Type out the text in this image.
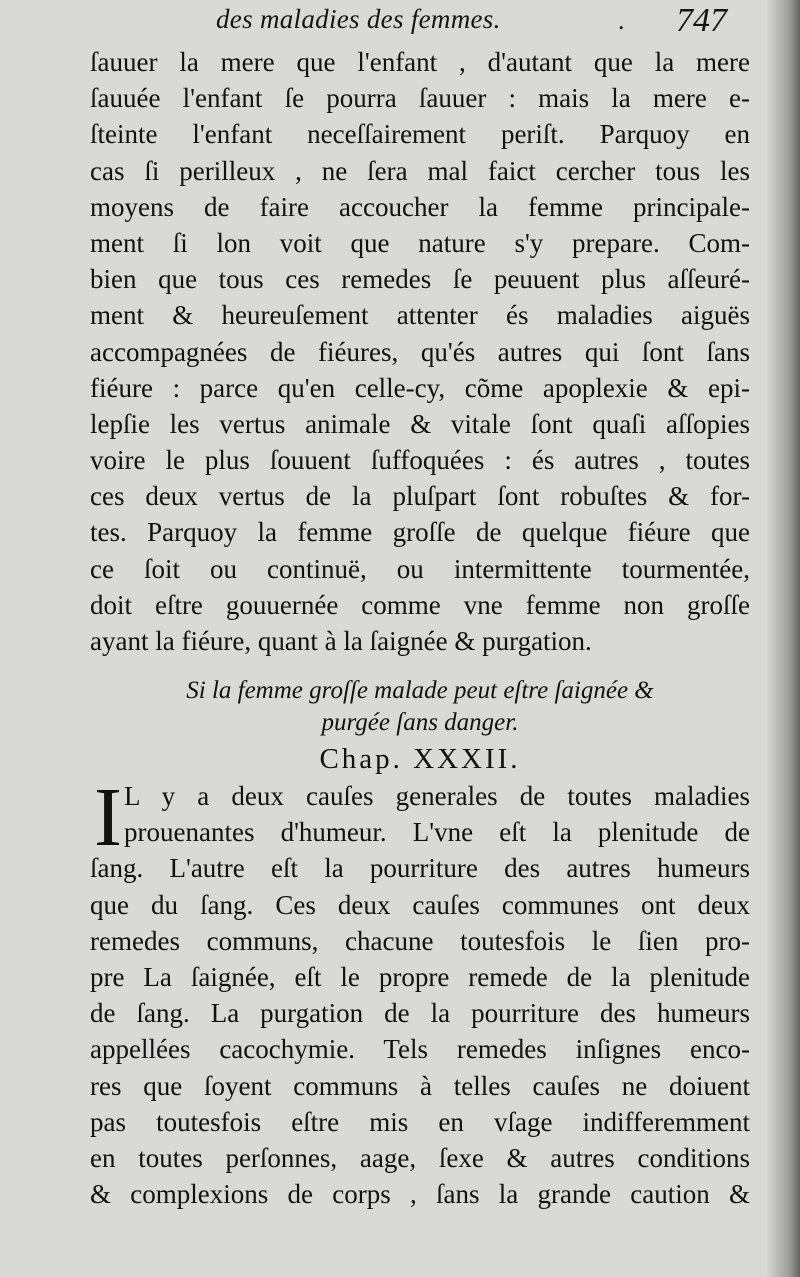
des maladies des femmes.	. 747
ſauuer la mere que l'enfant , d'autant que la mere
ſauuée l'enfant ſe pourra ſauuer : mais la mere e-
ſteinte l'enfant neceſſairement periſt. Parquoy en
cas ſi perilleux , ne ſera mal faict cercher tous les
moyens de faire accoucher la femme principale-
ment ſi lon voit que nature s'y prepare. Com-
bien que tous ces remedes ſe peuuent plus aſſeuré-
ment & heureuſement attenter és maladies aiguës
accompagnées de fiéures, qu'és autres qui ſont ſans
fiéure : parce qu'en celle-cy, cõme apoplexie & epi-
lepſie les vertus animale & vitale ſont quaſi aſſopies
voire le plus ſouuent ſuffoquées : és autres , toutes
ces deux vertus de la pluſpart ſont robuſtes & for-
tes. Parquoy la femme groſſe de quelque fiéure que
ce ſoit ou continuë, ou intermittente tourmentée,
doit eſtre gouuernée comme vne femme non groſſe
ayant la fiéure, quant à la ſaignée & purgation.
Si la femme groſſe malade peut eſtre ſaignée &
purgée ſans danger.
Chap. XXXII.
I L y a deux cauſes generales de toutes maladies
prouenantes d'humeur. L'vne eſt la plenitude de
ſang. L'autre eſt la pourriture des autres humeurs
que du ſang. Ces deux cauſes communes ont deux
remedes communs, chacune toutesfois le ſien pro-
pre La ſaignée, eſt le propre remede de la plenitude
de ſang. La purgation de la pourriture des humeurs
appellées cacochymie. Tels remedes inſignes enco-
res que ſoyent communs à telles cauſes ne doiuent
pas toutesfois eſtre mis en vſage indifferemment
en toutes perſonnes, aage, ſexe & autres conditions
& complexions de corps , ſans la grande caution &
